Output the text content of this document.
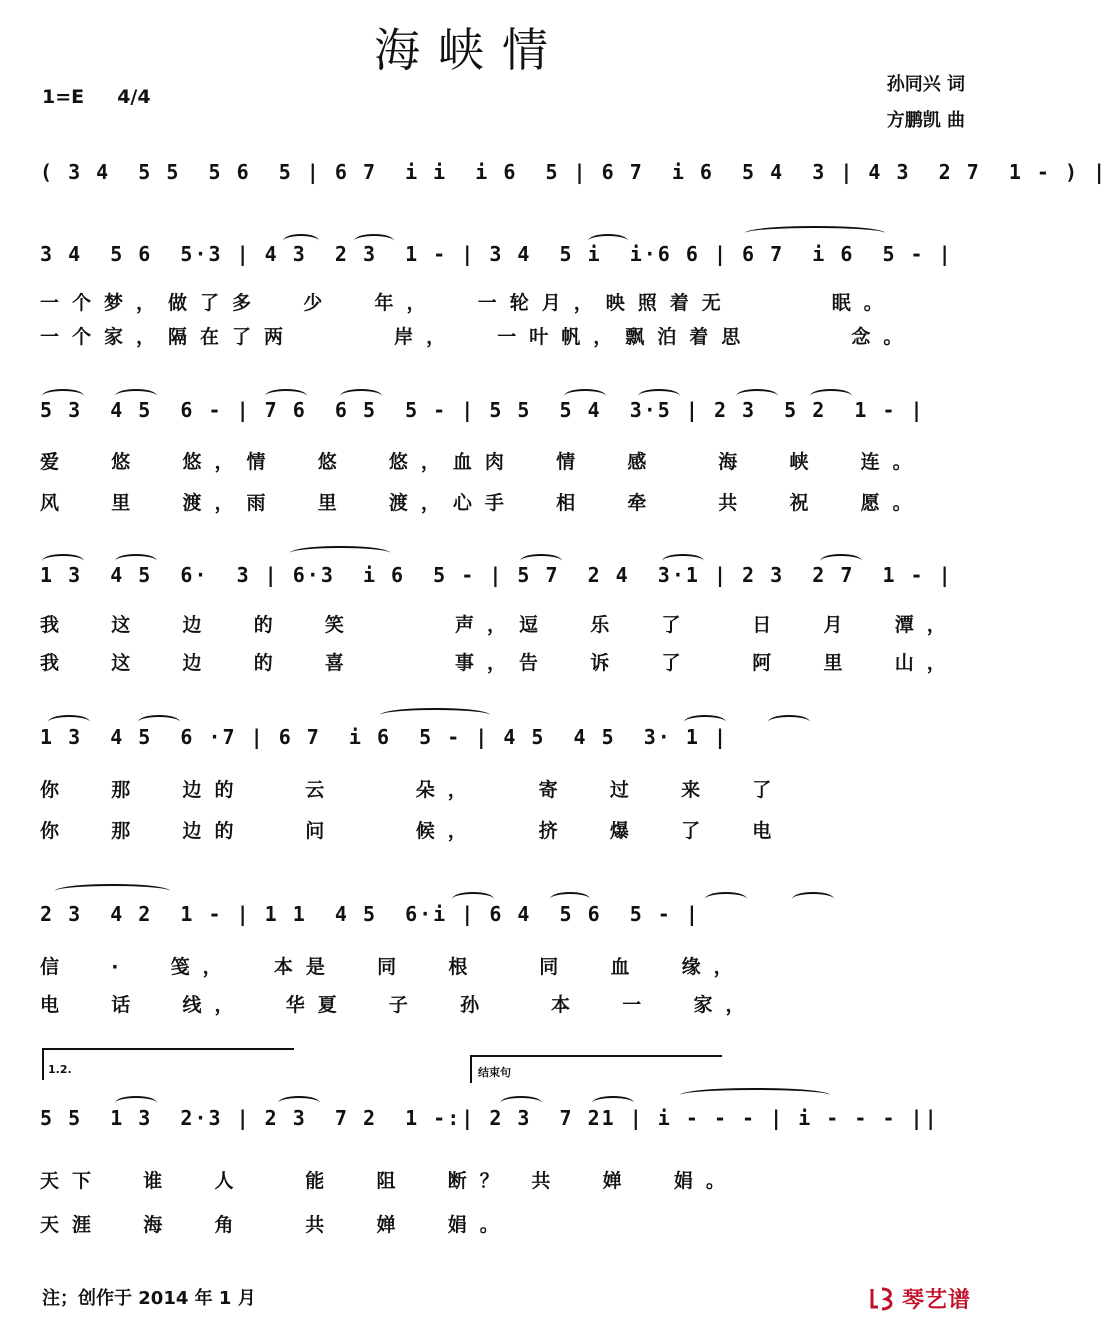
海峡情
1=E 4/4
孙同兴 词
方鹏凯 曲
( 3 4  5 5  5 6  5 | 6 7  i i  i 6  5 | 6 7  i 6  5 4  3 | 4 3  2 7  1 - ) |
3 4  5 6  5·3 | 4 3  2 3  1 - | 3 4  5 i  i·6 6 | 6 7  i 6  5 - |
一个梦，做了多  少  年，  一轮月，映照着无     眠。
一个家，隔在了两     岸，  一叶帆，飘泊着思     念。
5 3  4 5  6 - | 7 6  6 5  5 - | 5 5  5 4  3·5 | 2 3  5 2  1 - |
爱  悠  悠，情  悠  悠，血肉  情  感   海  峡  连。
风  里  渡，雨  里  渡，心手  相  牵   共  祝  愿。
1 3  4 5  6·  3 | 6·3  i 6  5 - | 5 7  2 4  3·1 | 2 3  2 7  1 - |
我  这  边  的  笑     声，逗  乐  了   日  月  潭，
我  这  边  的  喜     事，告  诉  了   阿  里  山，
1 3  4 5  6 ·7 | 6 7  i 6  5 - | 4 5  4 5  3· 1 |
你  那  边的   云    朵，   寄  过  来  了
你  那  边的   问    候，   挤  爆  了  电
2 3  4 2  1 - | 1 1  4 5  6·i | 6 4  5 6  5 - |
信  ·  笺，  本是  同  根   同  血  缘，
电  话  线，  华夏  子  孙   本  一  家，
1.2.	结束句
5 5  1 3  2·3 | 2 3  7 2  1 -:| 2 3  7 21 | i - - - | i - - - ||
天下  谁  人   能  阻  断？ 共  婵  娟。
天涯  海  角   共  婵  娟。
注；创作于 2014 年 1 月	琴艺谱
